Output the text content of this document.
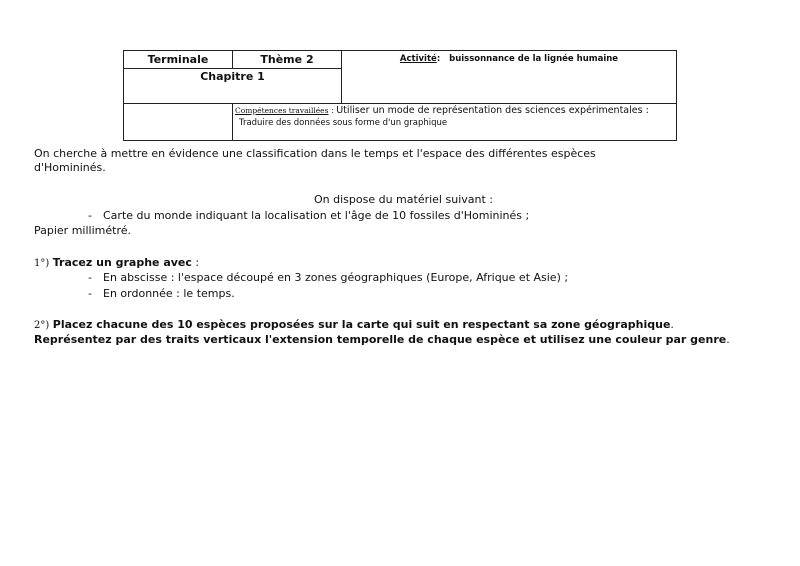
Terminale	Thème 2	Activité: buissonnance de la lignée humaine
Chapitre 1		

	Compétences travaillées : Utiliser un mode de représentation des sciences expérimentales :
Traduire des données sous forme d'un graphique	
On cherche à mettre en évidence une classification dans le temps et l'espace des différentes espèces
d'Homininés.
On dispose du matériel suivant :
- Carte du monde indiquant la localisation et l'âge de 10 fossiles d'Homininés ;
Papier millimétré.
1°) Tracez un graphe avec :
- En abscisse : l'espace découpé en 3 zones géographiques (Europe, Afrique et Asie) ;
- En ordonnée : le temps.
2°) Placez chacune des 10 espèces proposées sur la carte qui suit en respectant sa zone géographique.
Représentez par des traits verticaux l'extension temporelle de chaque espèce et utilisez une couleur par genre.
